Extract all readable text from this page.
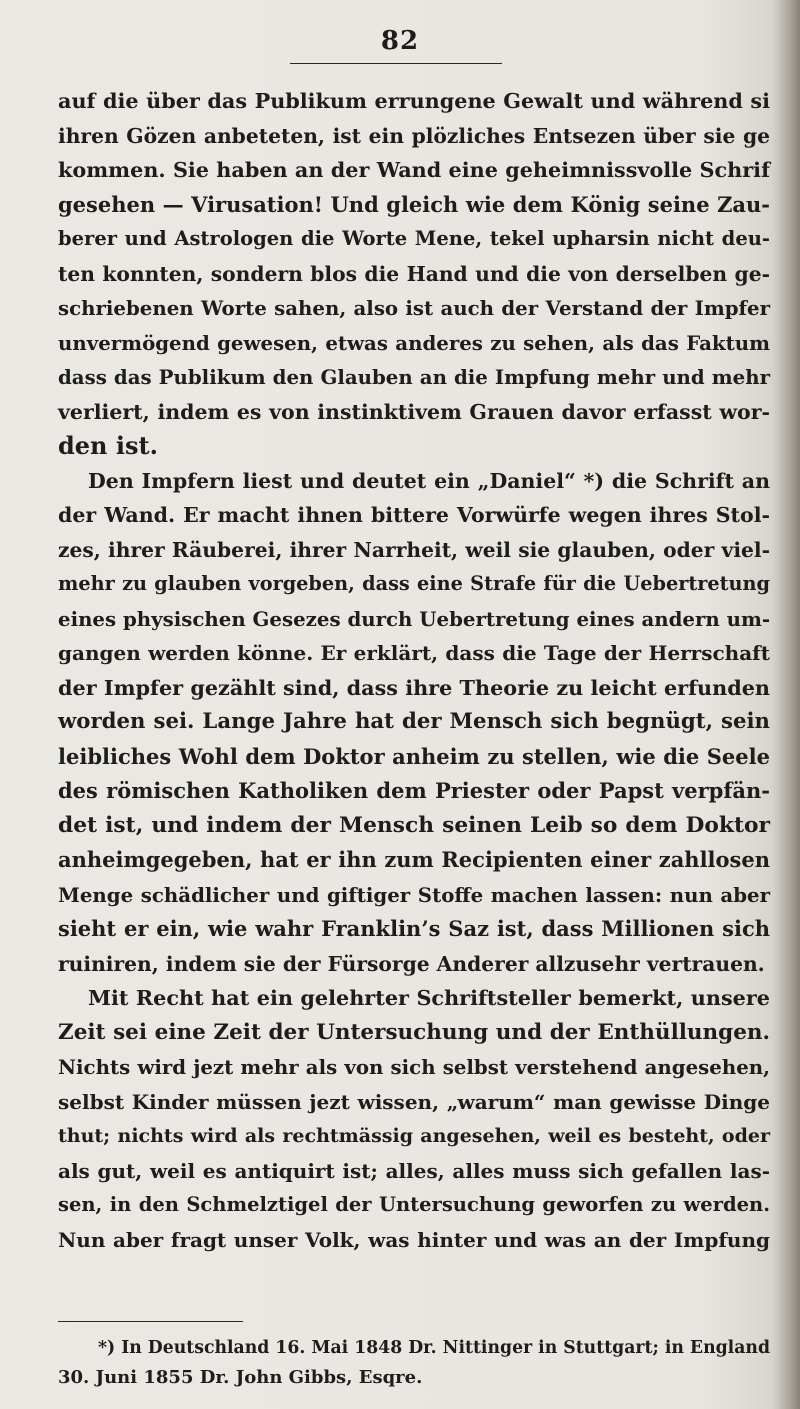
82
auf die über das Publikum errungene Gewalt und während si
ihren Gözen anbeteten, ist ein plözliches Entsezen über sie ge
kommen. Sie haben an der Wand eine geheimnissvolle Schrif
gesehen — Virusation! Und gleich wie dem König seine Zau-
berer und Astrologen die Worte Mene, tekel upharsin nicht deu-
ten konnten, sondern blos die Hand und die von derselben ge-
schriebenen Worte sahen, also ist auch der Verstand der Impfer
unvermögend gewesen, etwas anderes zu sehen, als das Faktum
dass das Publikum den Glauben an die Impfung mehr und mehr
verliert, indem es von instinktivem Grauen davor erfasst wor-
den ist.
Den Impfern liest und deutet ein „Daniel“ *) die Schrift an
der Wand. Er macht ihnen bittere Vorwürfe wegen ihres Stol-
zes, ihrer Räuberei, ihrer Narrheit, weil sie glauben, oder viel-
mehr zu glauben vorgeben, dass eine Strafe für die Uebertretung
eines physischen Gesezes durch Uebertretung eines andern um-
gangen werden könne. Er erklärt, dass die Tage der Herrschaft
der Impfer gezählt sind, dass ihre Theorie zu leicht erfunden
worden sei. Lange Jahre hat der Mensch sich begnügt, sein
leibliches Wohl dem Doktor anheim zu stellen, wie die Seele
des römischen Katholiken dem Priester oder Papst verpfän-
det ist, und indem der Mensch seinen Leib so dem Doktor
anheimgegeben, hat er ihn zum Recipienten einer zahllosen
Menge schädlicher und giftiger Stoffe machen lassen: nun aber
sieht er ein, wie wahr Franklin’s Saz ist, dass Millionen sich
ruiniren, indem sie der Fürsorge Anderer allzusehr vertrauen.
Mit Recht hat ein gelehrter Schriftsteller bemerkt, unsere
Zeit sei eine Zeit der Untersuchung und der Enthüllungen.
Nichts wird jezt mehr als von sich selbst verstehend angesehen,
selbst Kinder müssen jezt wissen, „warum“ man gewisse Dinge
thut; nichts wird als rechtmässig angesehen, weil es besteht, oder
als gut, weil es antiquirt ist; alles, alles muss sich gefallen las-
sen, in den Schmelztigel der Untersuchung geworfen zu werden.
Nun aber fragt unser Volk, was hinter und was an der Impfung
*) In Deutschland 16. Mai 1848 Dr. Nittinger in Stuttgart; in England
30. Juni 1855 Dr. John Gibbs, Esqre.
